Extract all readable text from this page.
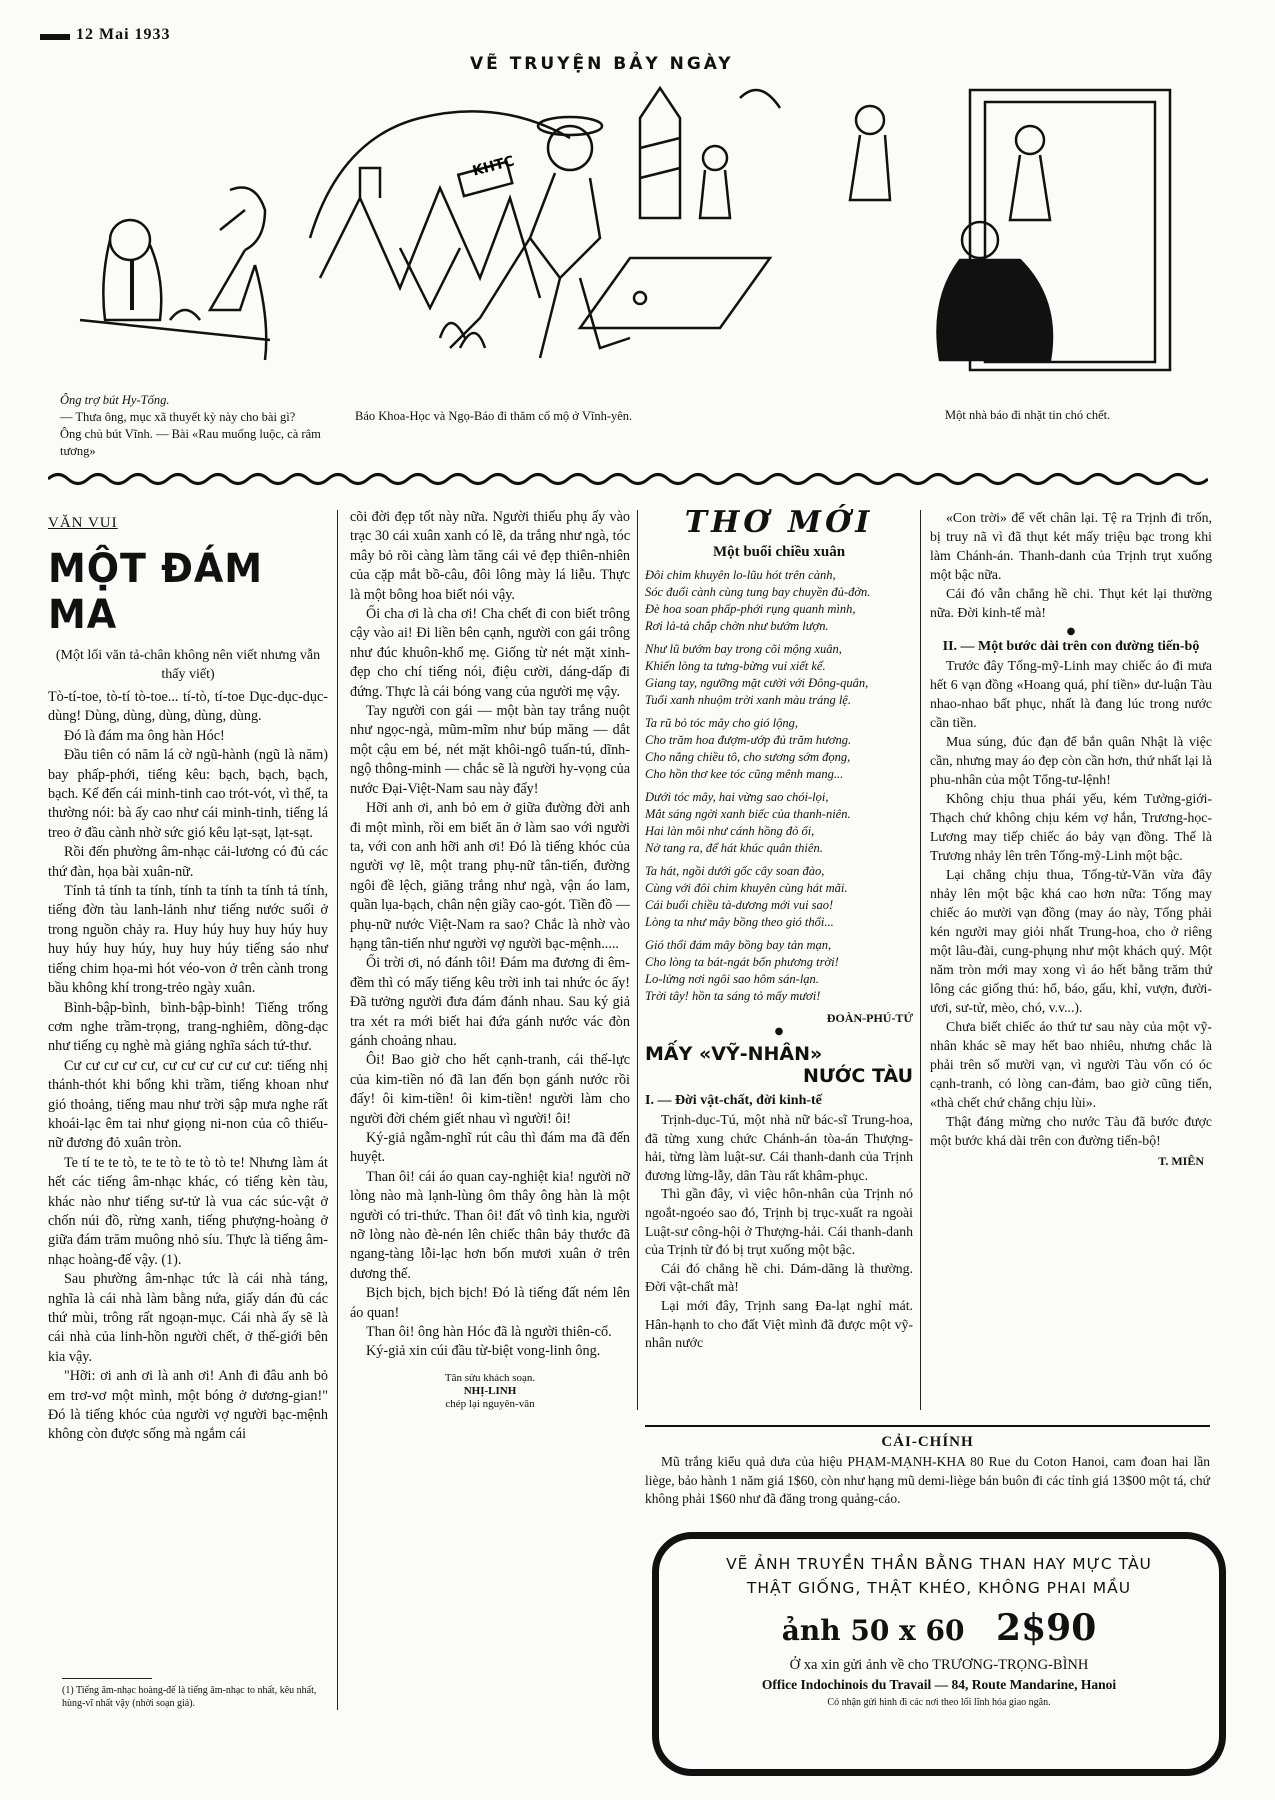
12 Mai 1933
VẼ TRUYỆN BẢY NGÀY
Ông trợ bút Hy-Tống.
— Thưa ông, mục xã thuyết kỳ này cho bài gì?
Ông chủ bút Vĩnh. — Bài «Rau muống luộc, cà râm tương»
KHTC
Báo Khoa-Học và Ngọ-Báo đi thăm cổ mộ ở Vĩnh-yên.	Một nhà báo đi nhặt tin chó chết.
VĂN VUI
MỘT ĐÁM MA
(Một lối văn tả-chân không nên viết nhưng vẫn thấy viết)

Tò-tí-toe, tò-tí tò-toe... tí-tò, tí-toe Dục-dục-dục-dùng! Dùng, dùng, dùng, dùng, dùng.

Đó là đám ma ông hàn Hóc!

Đầu tiên có năm lá cờ ngũ-hành (ngũ là năm) bay phấp-phới, tiếng kêu: bạch, bạch, bạch, bạch. Kế đến cái minh-tinh cao trót-vót, vì thế, ta thường nói: bà ấy cao như cái minh-tinh, tiếng lá treo ở đầu cành nhờ sức gió kêu lạt-sạt, lạt-sạt.

Rồi đến phường âm-nhạc cải-lương có đủ các thứ đàn, họa bài xuân-nữ.

Tính tả tính ta tính, tính ta tính ta tính tả tính, tiếng đờn tàu lanh-lảnh như tiếng nước suối ở trong nguồn chảy ra. Huy húy huy huy húy huy huy húy huy húy, huy huy húy tiếng sáo như tiếng chim họa-mi hót véo-von ở trên cành trong bầu không khí trong-trẻo ngày xuân.

Bình-bập-bình, bình-bập-bình! Tiếng trống cơm nghe trầm-trọng, trang-nghiêm, dõng-dạc như tiếng cụ nghè mà giảng nghĩa sách tứ-thư.

Cư cư cư cư cư, cư cư cư cư cư cư: tiếng nhị thánh-thót khi bổng khi trầm, tiếng khoan như gió thoảng, tiếng mau như trời sập mưa nghe rất khoái-lạc êm tai như giọng ni-non của cô thiếu-nữ đương đỏ xuân tròn.

Te tí te te tò, te te tò te tò tò te! Nhưng làm át hết các tiếng âm-nhạc khác, có tiếng kèn tàu, khác nào như tiếng sư-tử là vua các súc-vật ở chốn núi đồ, rừng xanh, tiếng phượng-hoàng ở giữa đám trăm muông nhỏ síu. Thực là tiếng âm-nhạc hoàng-đế vậy. (1).

Sau phường âm-nhạc tức là cái nhà táng, nghĩa là cái nhà làm bằng nứa, giấy dán đủ các thứ mùi, trông rất ngoạn-mục. Cái nhà ấy sẽ là cái nhà của linh-hồn người chết, ở thế-giới bên kia vậy.

"Hỡi: ơi anh ơi là anh ơi! Anh đi đâu anh bỏ em trơ-vơ một mình, một bóng ở dương-gian!" Đó là tiếng khóc của người vợ người bạc-mệnh không còn được sống mà ngắm cái

(1) Tiếng âm-nhạc hoàng-đế là tiếng âm-nhạc to nhất, kêu nhất, hùng-vĩ nhất vậy (nhời soạn giả).

cõi đời đẹp tốt này nữa. Người thiếu phụ ấy vào trạc 30 cái xuân xanh có lẽ, da trắng như ngà, tóc mây bỏ rõi càng làm tăng cái vẻ đẹp thiên-nhiên của cặp mắt bồ-câu, đôi lông mày lá liễu. Thực là một bông hoa biết nói vậy.

Ối cha ơi là cha ơi! Cha chết đi con biết trông cậy vào ai! Đi liền bên cạnh, người con gái trông như đúc khuôn-khổ mẹ. Giống từ nét mặt xinh-đẹp cho chí tiếng nói, điệu cười, dáng-dấp đi đứng. Thực là cái bóng vang của người mẹ vậy.

Tay người con gái — một bàn tay trắng nuột như ngọc-ngà, mũm-mĩm như búp măng — dắt một cậu em bé, nét mặt khôi-ngô tuấn-tú, dĩnh-ngộ thông-minh — chắc sẽ là người hy-vọng của nước Đại-Việt-Nam sau này đấy!

Hỡi anh ơi, anh bỏ em ở giữa đường đời anh đi một mình, rồi em biết ăn ở làm sao với người ta, với con anh hỡi anh ơi! Đó là tiếng khóc của người vợ lẽ, một trang phụ-nữ tân-tiến, đường ngôi đề lệch, giăng trắng như ngà, vận áo lam, quần lụa-bạch, chân nện giầy cao-gót. Tiền đồ — phụ-nữ nước Việt-Nam ra sao? Chắc là nhờ vào hạng tân-tiến như người vợ người bạc-mệnh.....

Ối trời ơi, nó đánh tôi! Đám ma đương đi êm-đềm thì có mấy tiếng kêu trời inh tai nhức óc ấy! Đã tưởng người đưa đám đánh nhau. Sau ký giả tra xét ra mới biết hai đứa gánh nước vác đòn gánh choảng nhau.

Ôi! Bao giờ cho hết cạnh-tranh, cái thế-lực của kim-tiền nó đã lan đến bọn gánh nước rồi đấy! ôi kim-tiền! ôi kim-tiền! người làm cho người đời chém giết nhau vì người! ôi!

Ký-giả ngẫm-nghĩ rút câu thì đám ma đã đến huyệt.

Than ôi! cái áo quan cay-nghiệt kia! người nỡ lòng nào mà lạnh-lùng ôm thây ông hàn là một người có tri-thức. Than ôi! đất vô tình kia, người nỡ lòng nào đè-nén lên chiếc thân bảy thước đã ngang-tàng lỗi-lạc hơn bốn mươi xuân ở trên dương thế.

Bịch bịch, bịch bịch! Đó là tiếng đất ném lên áo quan!

Than ôi! ông hàn Hóc đã là người thiên-cổ.

Ký-giả xin cúi đầu từ-biệt vong-linh ông.

Tân sửu khách soạn.
NHỊ-LINH
chép lại nguyên-văn
THƠ MỚI
Một buổi chiều xuân
Đôi chim khuyên lo-lũu hót trên cành,
Sóc đuổi cành cùng tung bay chuyền đủ-đởn.
Đè hoa soan phấp-phới rụng quanh mình,
Rơi lả-tả chắp chờn như bướm lượn.
Như lũ bướm bay trong cõi mộng xuân,
Khiến lòng ta tưng-bừng vui xiết kể.
Giang tay, ngưỡng mặt cười với Đông-quân,
Tuổi xanh nhuộm trời xanh màu tráng lệ.
Ta rũ bỏ tóc mây cho gió lộng,
Cho trăm hoa đượm-ướp đủ trăm hương.
Cho nắng chiều tô, cho sương sớm đọng,
Cho hồn thơ kee tóc cũng mênh mang...
Dưới tóc mây, hai vừng sao chói-lọi,
Mắt sáng ngời xanh biếc của thanh-niên.
Hai làn môi như cánh hồng đỏ ối,
Nở tang ra, để hát khúc quân thiên.
Ta hát, ngồi dưới gốc cây soan đào,
Cùng với đôi chim khuyên cùng hát mãi.
Cái buổi chiều tà-dương mới vui sao!
Lòng ta như mây bồng theo gió thổi...
Gió thổi đám mây bồng bay tản mạn,
Cho lòng ta bát-ngát bốn phương trời!
Lo-lửng nơi ngôi sao hôm sán-lạn.
Trời tây! hồn ta sáng tỏ mấy mươi!
ĐOÀN-PHÚ-TỨ
●
MẤY «VỸ-NHÂN»
NƯỚC TÀU
I. — Đời vật-chất, đời kinh-tế

Trịnh-dục-Tú, một nhà nữ bác-sĩ Trung-hoa, đã từng xung chức Chánh-án tòa-án Thượng-hải, từng làm luật-sư. Cái thanh-danh của Trịnh đương lừng-lẫy, dân Tàu rất khâm-phục.

Thì gần đây, vì việc hôn-nhân của Trịnh nó ngoắt-ngoéo sao đó, Trịnh bị trục-xuất ra ngoài Luật-sư công-hội ở Thượng-hải. Cái thanh-danh của Trịnh từ đó bị trụt xuống một bậc.

Cái đó chẳng hề chi. Dám-dãng là thường. Đời vật-chất mà!

Lại mới đây, Trịnh sang Đa-lạt nghỉ mát. Hân-hạnh to cho đất Việt mình đã được một vỹ-nhân nước

«Con trời» để vết chân lại. Tệ ra Trịnh đi trốn, bị truy nã vì đã thụt két mấy triệu bạc trong khi làm Chánh-án. Thanh-danh của Trịnh trụt xuống một bậc nữa.

Cái đó vẫn chẳng hề chi. Thụt két lại thường nữa. Đời kinh-tế mà!

●
II. — Một bước dài trên con đường tiến-bộ

Trước đây Tống-mỹ-Linh may chiếc áo đi mưa hết 6 vạn đồng «Hoang quá, phí tiền» dư-luận Tàu nhao-nhao bất phục, nhất là đang lúc trong nước cần tiền.

Mua súng, đúc đạn để bắn quân Nhật là việc cần, nhưng may áo đẹp còn cần hơn, thứ nhất lại là phu-nhân của một Tổng-tư-lệnh!

Không chịu thua phái yếu, kém Tưởng-giới-Thạch chứ không chịu kém vợ hắn, Trương-học-Lương may tiếp chiếc áo bảy vạn đồng. Thế là Trương nhảy lên trên Tống-mỹ-Linh một bậc.

Lại chẳng chịu thua, Tống-tử-Văn vừa đây nhảy lên một bậc khá cao hơn nữa: Tống may chiếc áo mười vạn đồng (may áo này, Tống phải kén người may giỏi nhất Trung-hoa, cho ở riêng một lâu-đài, cung-phụng như một khách quý. Một năm tròn mới may xong vì áo hết bằng trăm thứ lông các giống thú: hổ, báo, gấu, khỉ, vượn, đười-ươi, sư-tử, mèo, chó, v.v...).

Chưa biết chiếc áo thứ tư sau này của một vỹ-nhân khác sẽ may hết bao nhiêu, nhưng chắc là phải trên số mười vạn, vì người Tàu vốn có óc cạnh-tranh, có lòng can-đảm, bao giờ cũng tiến, «thà chết chứ chẳng chịu lùi».

Thật đáng mừng cho nước Tàu đã bước được một bước khá dài trên con đường tiến-bộ!

T. MIÊN
CẢI-CHÍNH

Mũ trắng kiểu quả dưa của hiệu PHẠM-MẠNH-KHA 80 Rue du Coton Hanoi, cam đoan hai lần liège, bảo hành 1 năm giá 1$60, còn như hạng mũ demi-liège bán buôn đi các tỉnh giá 13$00 một tá, chứ không phải 1$60 như đã đăng trong quảng-cáo.

VẼ ẢNH TRUYỀN THẦN BẰNG THAN HAY MỰC TÀU
THẬT GIỐNG, THẬT KHÉO, KHÔNG PHAI MẦU
ảnh 50 x 60 2$90
Ở xa xin gửi ảnh về cho TRƯƠNG-TRỌNG-BÌNH
Office Indochinois du Travail — 84, Route Mandarine, Hanoi
Có nhận gửi hình đi các nơi theo lối lĩnh hóa giao ngân.
